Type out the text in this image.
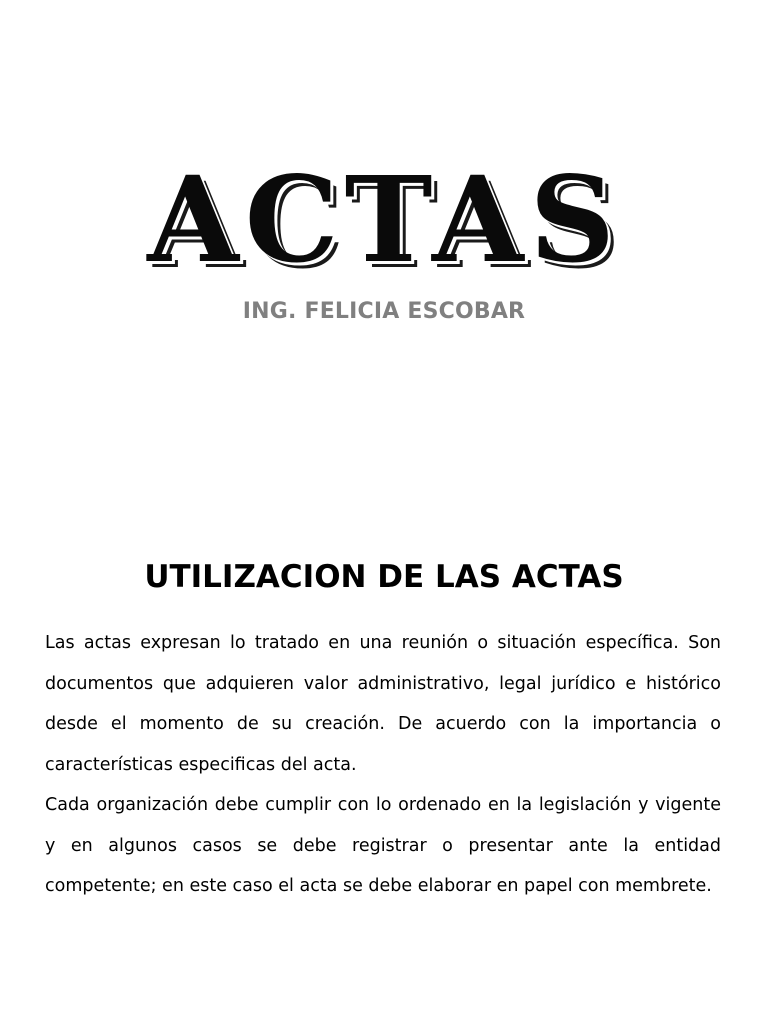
ACTAS
ING. FELICIA ESCOBAR
UTILIZACION DE LAS ACTAS

Las actas expresan lo tratado en una reunión o situación específica. Son documentos que adquieren valor administrativo, legal jurídico e histórico desde el momento de su creación. De acuerdo con la importancia o características especificas del acta.

Cada organización debe cumplir con lo ordenado en la legislación y vigente y en algunos casos se debe registrar o presentar ante la entidad competente; en este caso el acta se debe elaborar en papel con membrete.
